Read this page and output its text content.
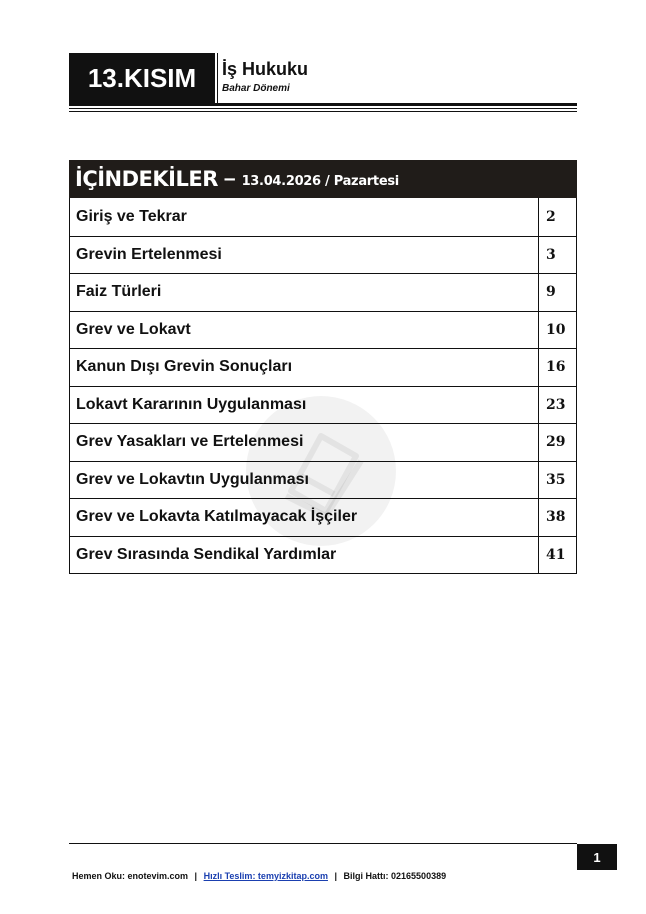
13.KISIM İş Hukuku
Bahar Dönemi
İÇİNDEKİLER – 13.04.2026 / Pazartesi
Giriş ve Tekrar	2
Grevin Ertelenmesi	3
Faiz Türleri	9
Grev ve Lokavt	10
Kanun Dışı Grevin Sonuçları	16
Lokavt Kararının Uygulanması	23
Grev Yasakları ve Ertelenmesi	29
Grev ve Lokavtın Uygulanması	35
Grev ve Lokavta Katılmayacak İşçiler	38
Grev Sırasında Sendikal Yardımlar	41
1
Hemen Oku: enotevim.com | Hızlı Teslim: temyizkitap.com | Bilgi Hattı: 02165500389
